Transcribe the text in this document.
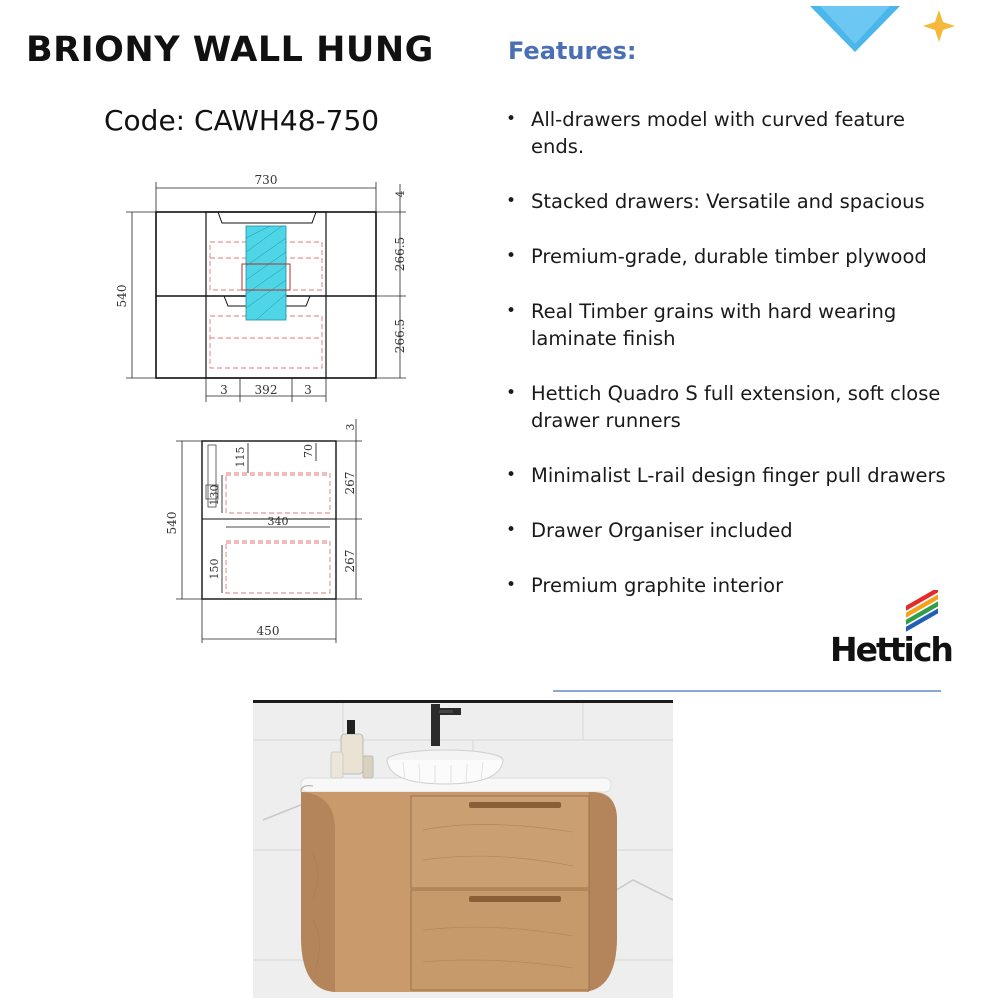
BRIONY WALL HUNG
Code: CAWH48-750
Features:
• All-drawers model with curved feature ends.
• Stacked drawers: Versatile and spacious
• Premium-grade, durable timber plywood
• Real Timber grains with hard wearing laminate finish
• Hettich Quadro S full extension, soft close drawer runners
• Minimalist L-rail design finger pull drawers
• Drawer Organiser included
• Premium graphite interior
730
540
4
266.5
266.5
3 392 3
115	70
130
340
150
540
3
267
267
450	Hettich
